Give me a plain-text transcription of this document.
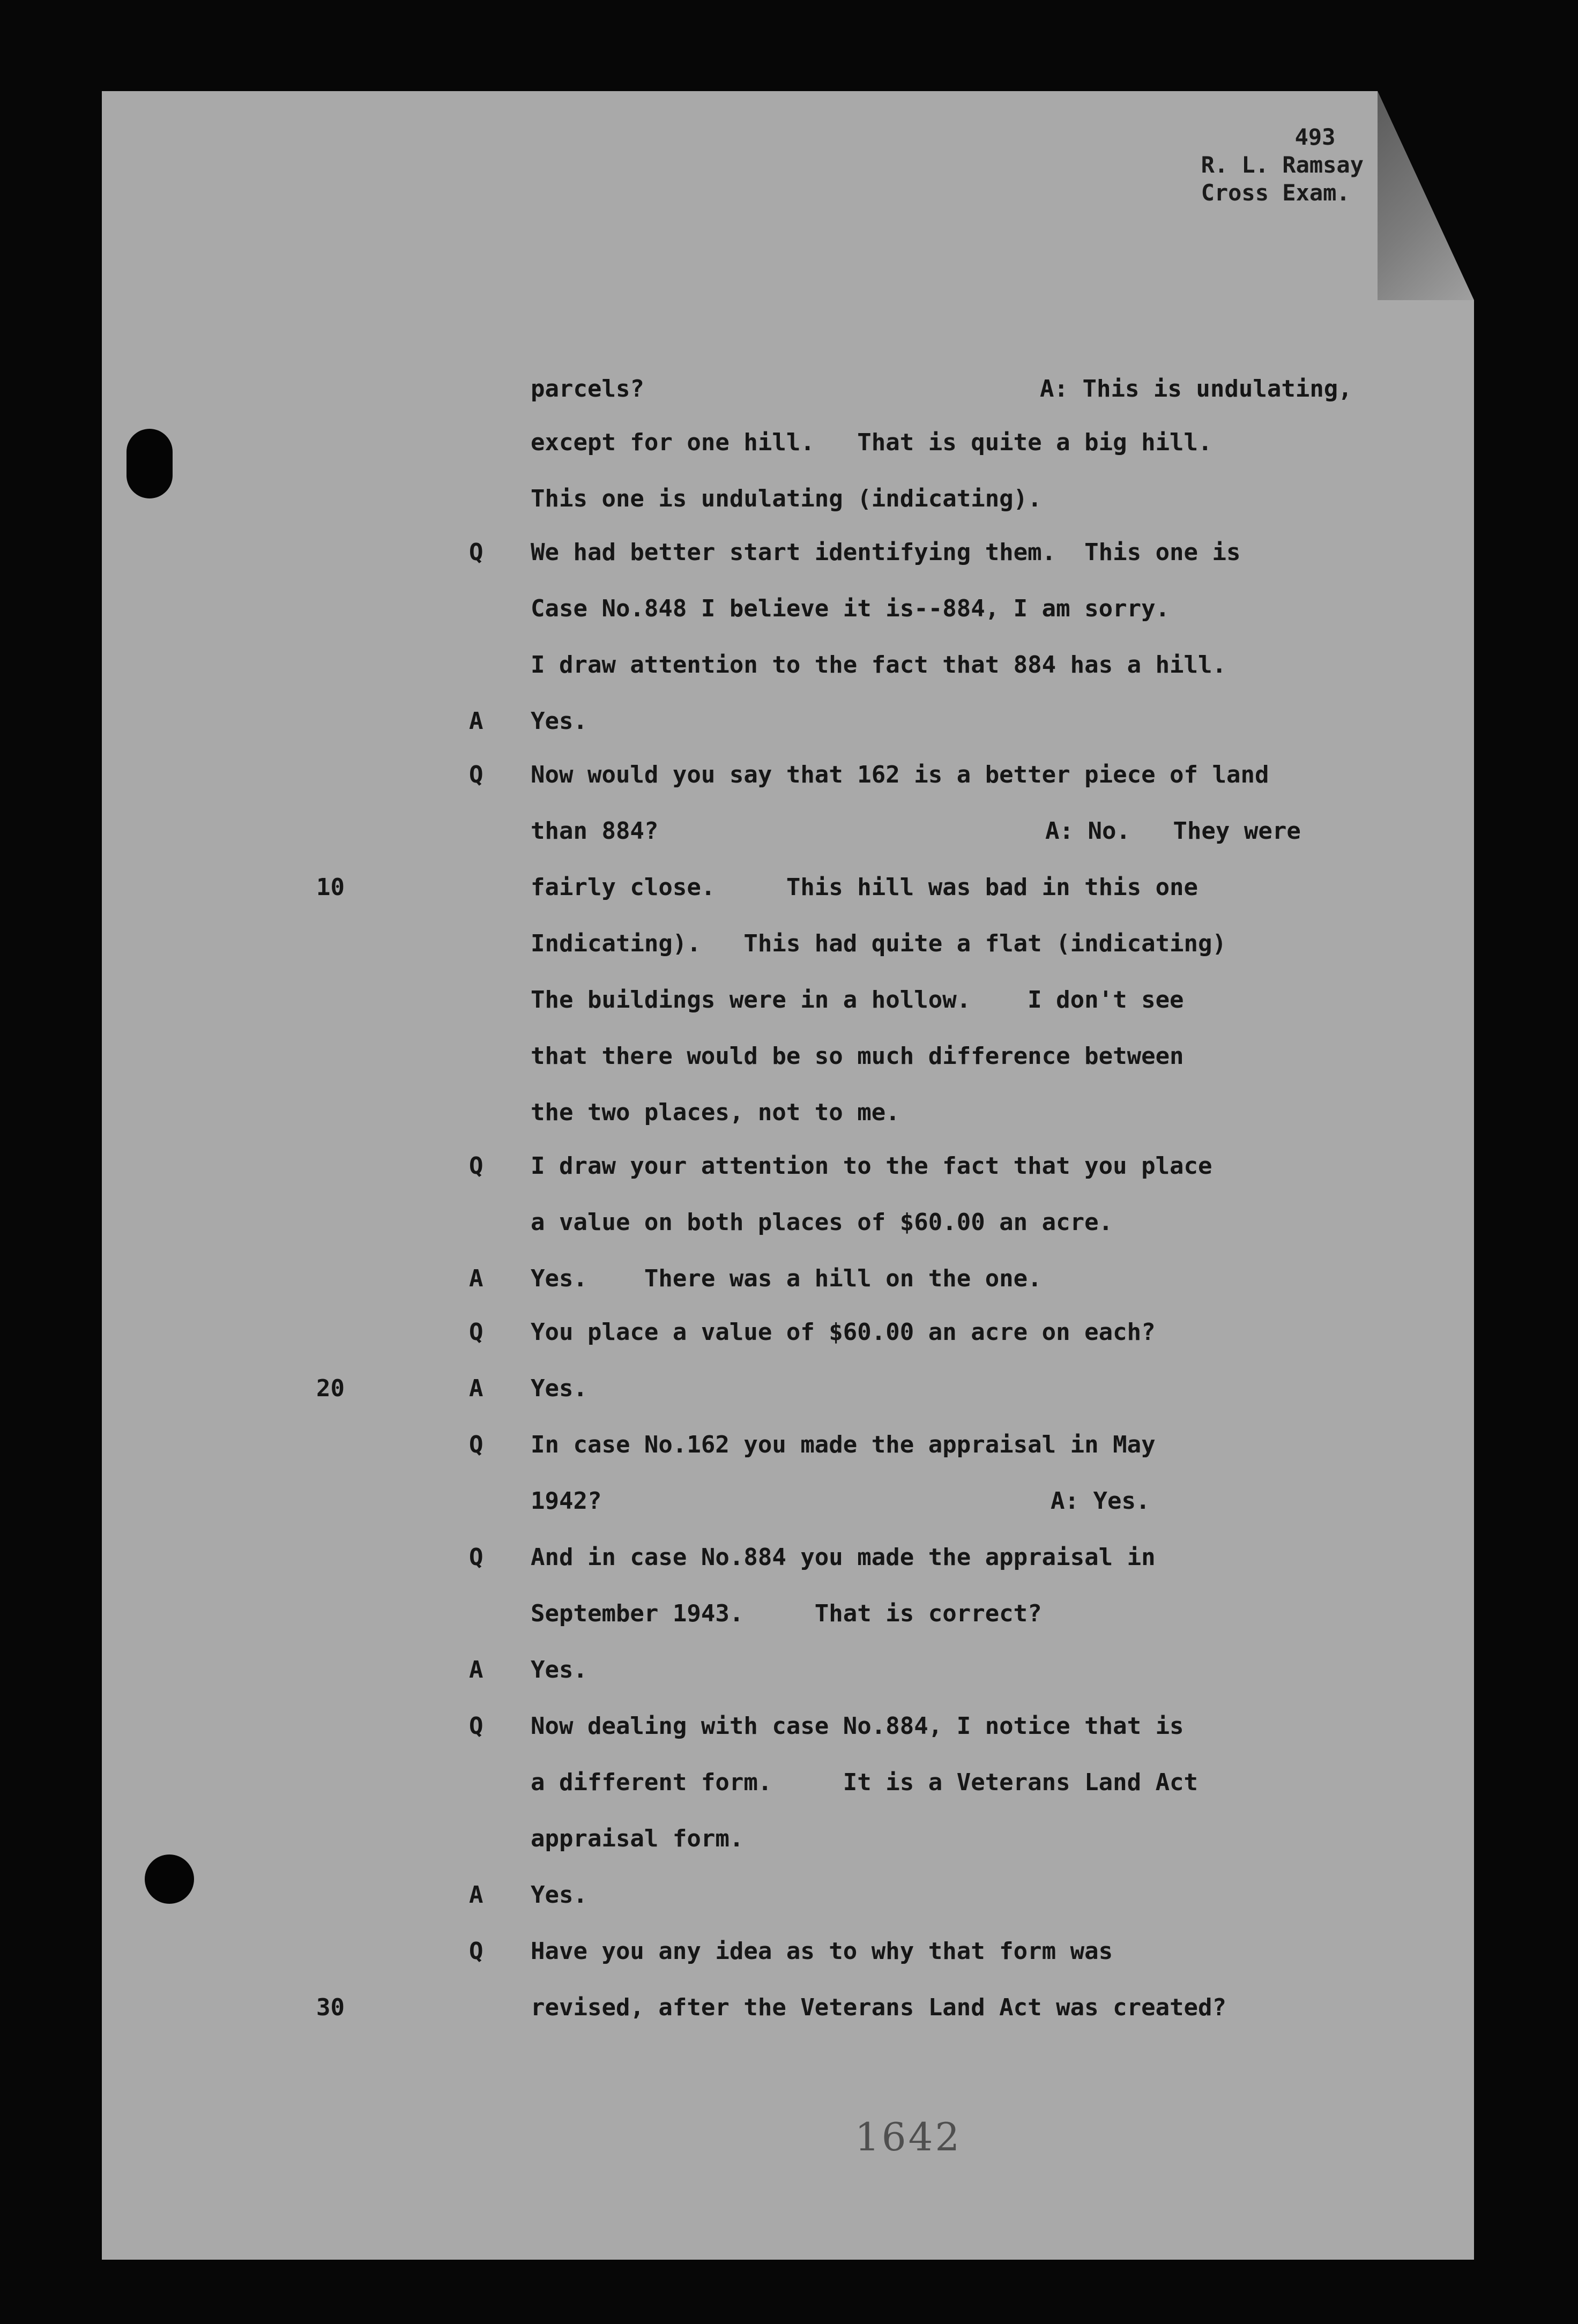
493
R. L. Ramsay
Cross Exam.
parcels?	A: This is undulating,
except for one hill.   That is quite a big hill.
This one is undulating (indicating).
Q We had better start identifying them.  This one is
Case No.848 I believe it is--884, I am sorry.
I draw attention to the fact that 884 has a hill.
A Yes.
Q Now would you say that 162 is a better piece of land
than 884?	A: No.   They were
10	fairly close.     This hill was bad in this one
Indicating).   This had quite a flat (indicating)
The buildings were in a hollow.    I don't see
that there would be so much difference between
the two places, not to me.
Q I draw your attention to the fact that you place
a value on both places of $60.00 an acre.
A Yes.    There was a hill on the one.
Q You place a value of $60.00 an acre on each?
20	A Yes.
Q In case No.162 you made the appraisal in May
1942?	A: Yes.
Q And in case No.884 you made the appraisal in
September 1943.     That is correct?
A Yes.
Q Now dealing with case No.884, I notice that is
a different form.     It is a Veterans Land Act
appraisal form.
A Yes.
Q Have you any idea as to why that form was
30	revised, after the Veterans Land Act was created?
1642
